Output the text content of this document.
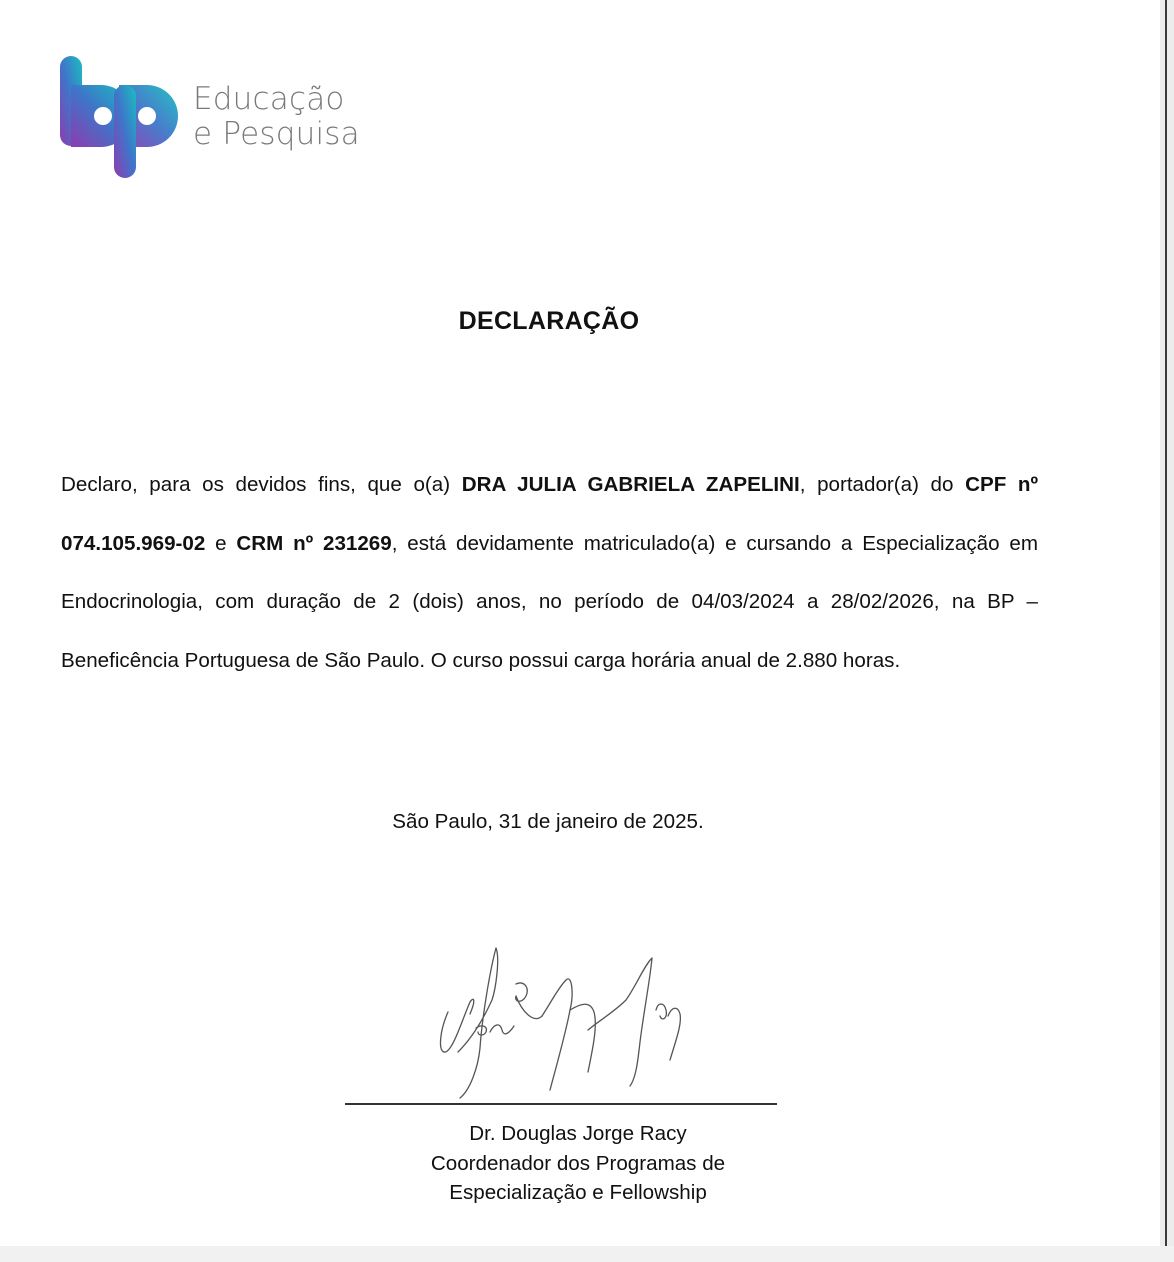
Educação
e Pesquisa
DECLARAÇÃO
Declaro, para os devidos fins, que o(a) DRA JULIA GABRIELA ZAPELINI, portador(a) do CPF nº 074.105.969-02 e CRM nº 231269, está devidamente matriculado(a) e cursando a Especialização em Endocrinologia, com duração de 2 (dois) anos, no período de 04/03/2024 a 28/02/2026, na BP – Beneficência Portuguesa de São Paulo. O curso possui carga horária anual de 2.880 horas.
São Paulo, 31 de janeiro de 2025.
Dr. Douglas Jorge Racy
Coordenador dos Programas de
Especialização e Fellowship
